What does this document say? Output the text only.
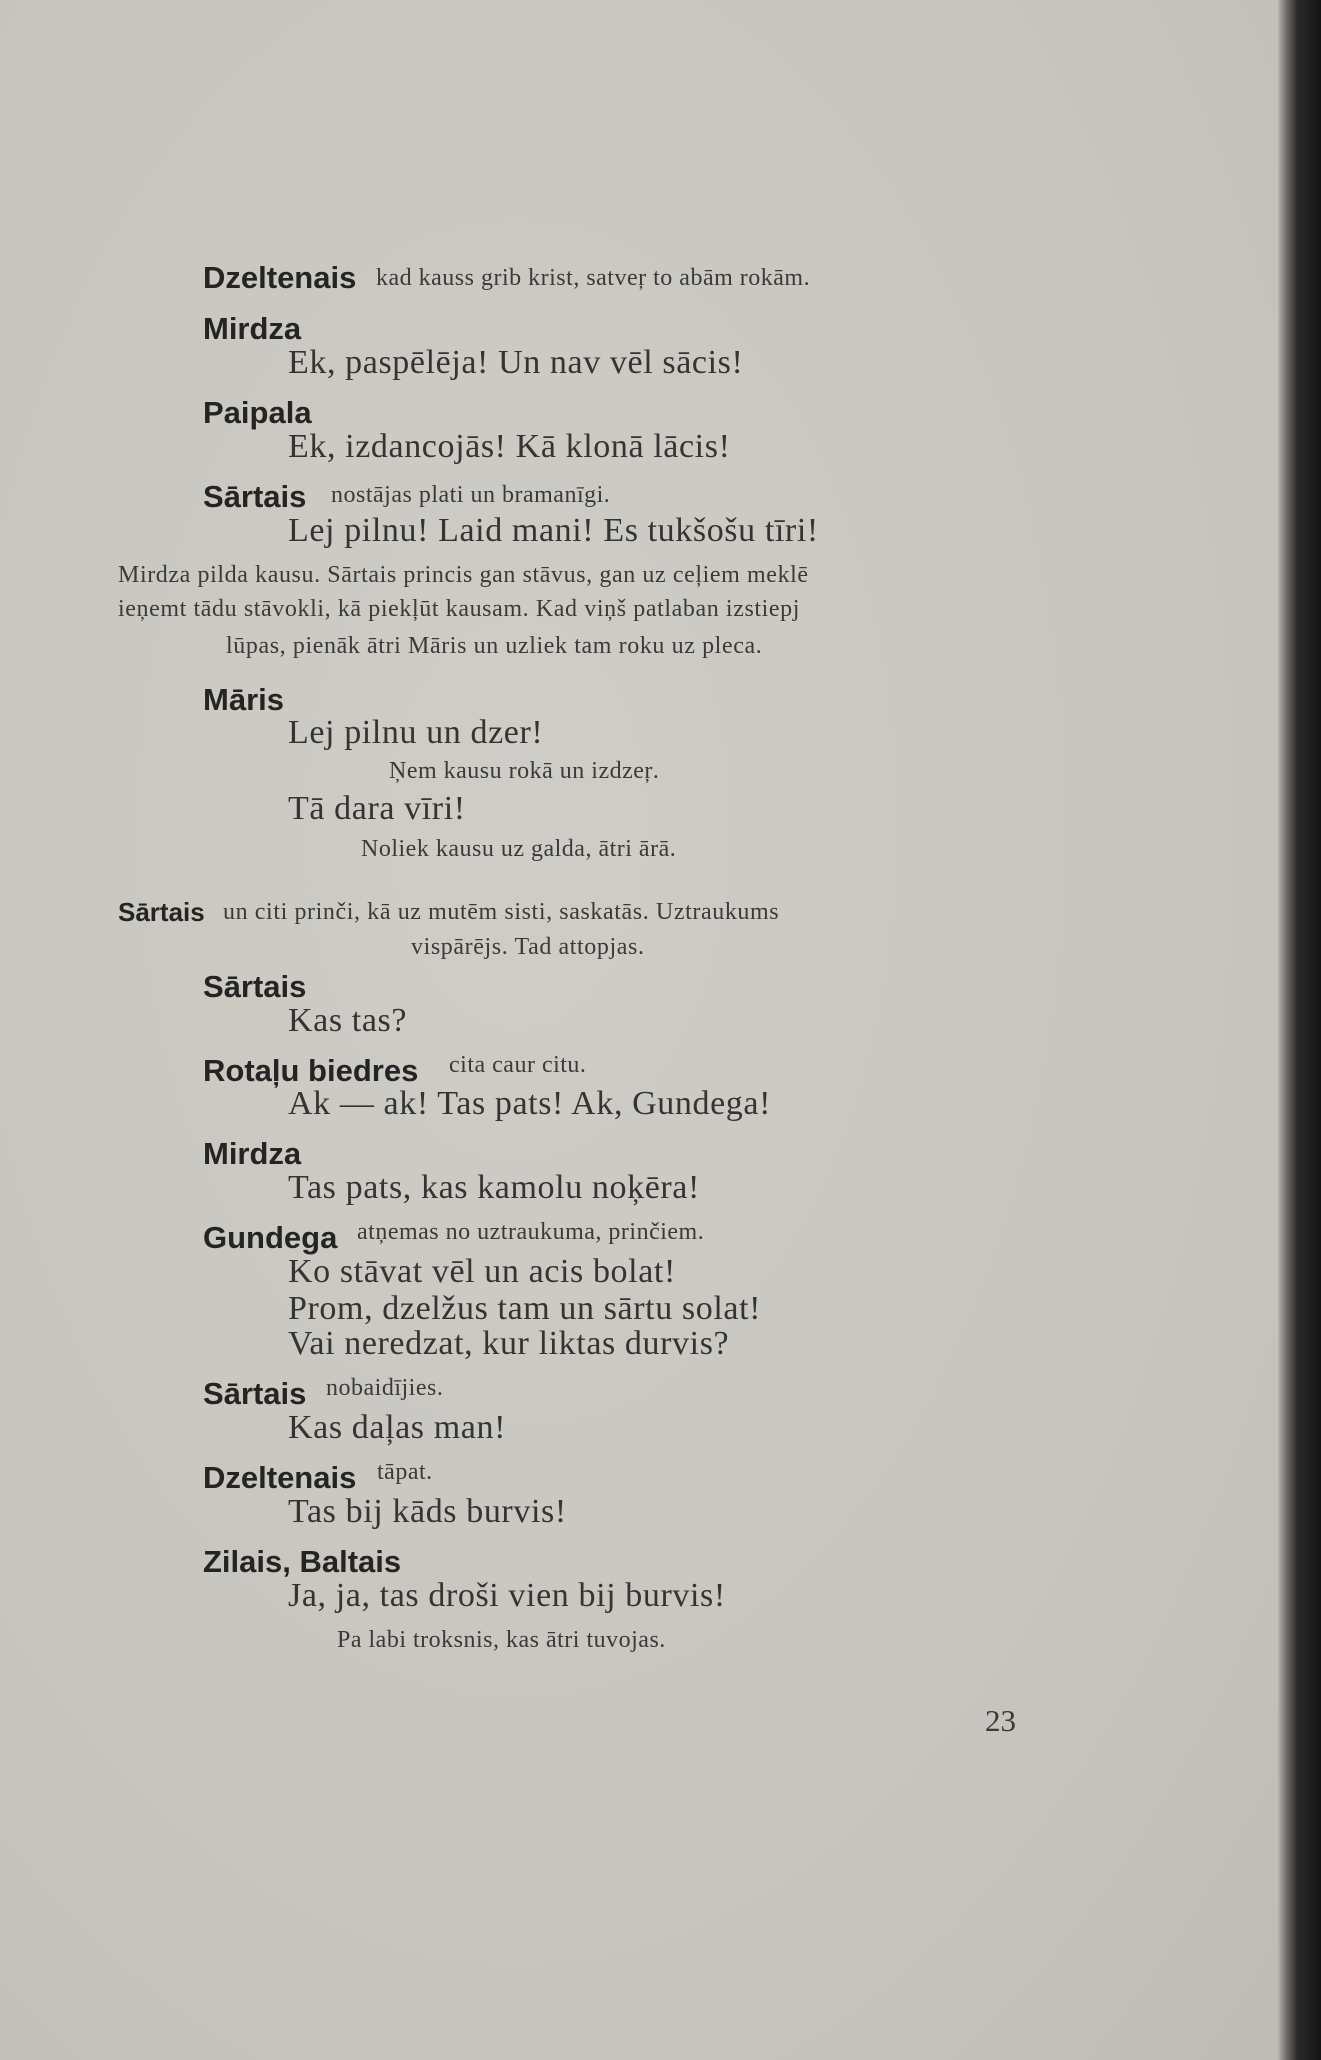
Dzeltenais kad kauss grib krist, satveŗ to abām rokām.
Mirdza
Ek, paspēlēja! Un nav vēl sācis!
Paipala
Ek, izdancojās! Kā klonā lācis!
Sārtais nostājas plati un bramanīgi.
Lej pilnu! Laid mani! Es tukšošu tīri!
Mirdza pilda kausu. Sārtais princis gan stāvus, gan uz ceļiem meklē
ieņemt tādu stāvokli, kā piekļūt kausam. Kad viņš patlaban izstiepj
lūpas, pienāk ātri Māris un uzliek tam roku uz pleca.
Māris
Lej pilnu un dzer!
Ņem kausu rokā un izdzeŗ.
Tā dara vīri!
Noliek kausu uz galda, ātri ārā.
Sārtais un citi prinči, kā uz mutēm sisti, saskatās. Uztraukums
vispārējs. Tad attopjas.
Sārtais
Kas tas?
Rotaļu biedres cita caur citu.
Ak — ak! Tas pats! Ak, Gundega!
Mirdza
Tas pats, kas kamolu noķēra!
Gundega atņemas no uztraukuma, prinčiem.
Ko stāvat vēl un acis bolat!
Prom, dzelžus tam un sārtu solat!
Vai neredzat, kur liktas durvis?
Sārtais nobaidījies.
Kas daļas man!
Dzeltenais tāpat.
Tas bij kāds burvis!
Zilais, Baltais
Ja, ja, tas droši vien bij burvis!
Pa labi troksnis, kas ātri tuvojas.
23
